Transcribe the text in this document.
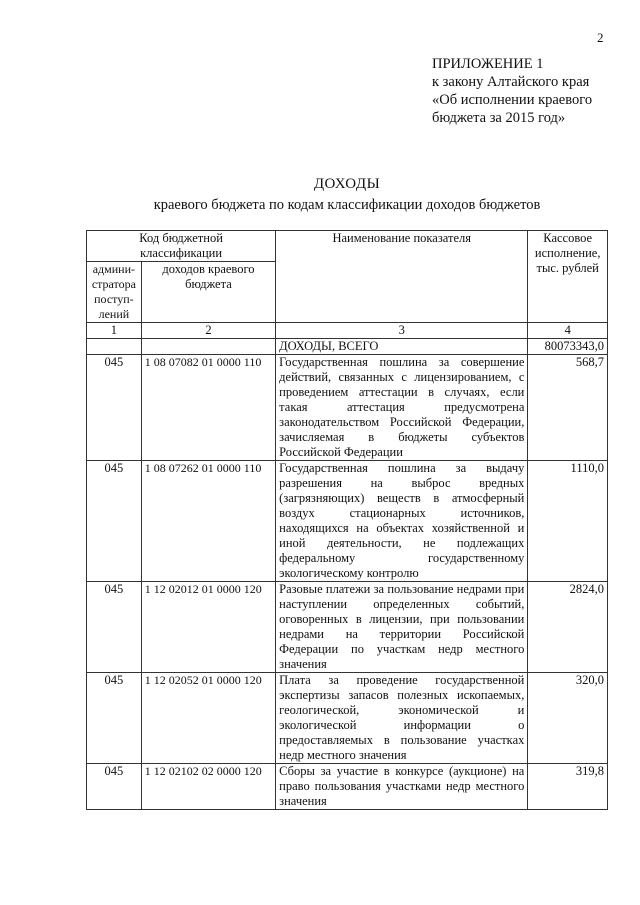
2
ПРИЛОЖЕНИЕ 1
к закону Алтайского края
«Об исполнении краевого
бюджета за 2015 год»
ДОХОДЫ
краевого бюджета по кодам классификации доходов бюджетов
Код бюджетной классификации		Наименование показателя	Кассовое исполнение, тыс. рублей
админи-стратора поступ-лений	доходов краевого бюджета		
1	2	3	4
		ДОХОДЫ, ВСЕГО	80073343,0
045	1 08 07082 01 0000 110	Государственная пошлина за совершение действий, связанных с лицензированием, с проведением аттестации в случаях, если такая аттестация предусмотрена законодательством Российской Федерации, зачисляемая в бюджеты субъектов Российской Федерации	568,7
045	1 08 07262 01 0000 110	Государственная пошлина за выдачу разрешения на выброс вредных (загрязняющих) веществ в атмосферный воздух стационарных источников, находящихся на объектах хозяйственной и иной деятельности, не подлежащих федеральному государственному экологическому контролю	1110,0
045	1 12 02012 01 0000 120	Разовые платежи за пользование недрами при наступлении определенных событий, оговоренных в лицензии, при пользовании недрами на территории Российской Федерации по участкам недр местного значения	2824,0
045	1 12 02052 01 0000 120	Плата за проведение государственной экспертизы запасов полезных ископаемых, геологической, экономической и экологической информации о предоставляемых в пользование участках недр местного значения	320,0
045	1 12 02102 02 0000 120	Сборы за участие в конкурсе (аукционе) на право пользования участками недр местного значения	319,8
